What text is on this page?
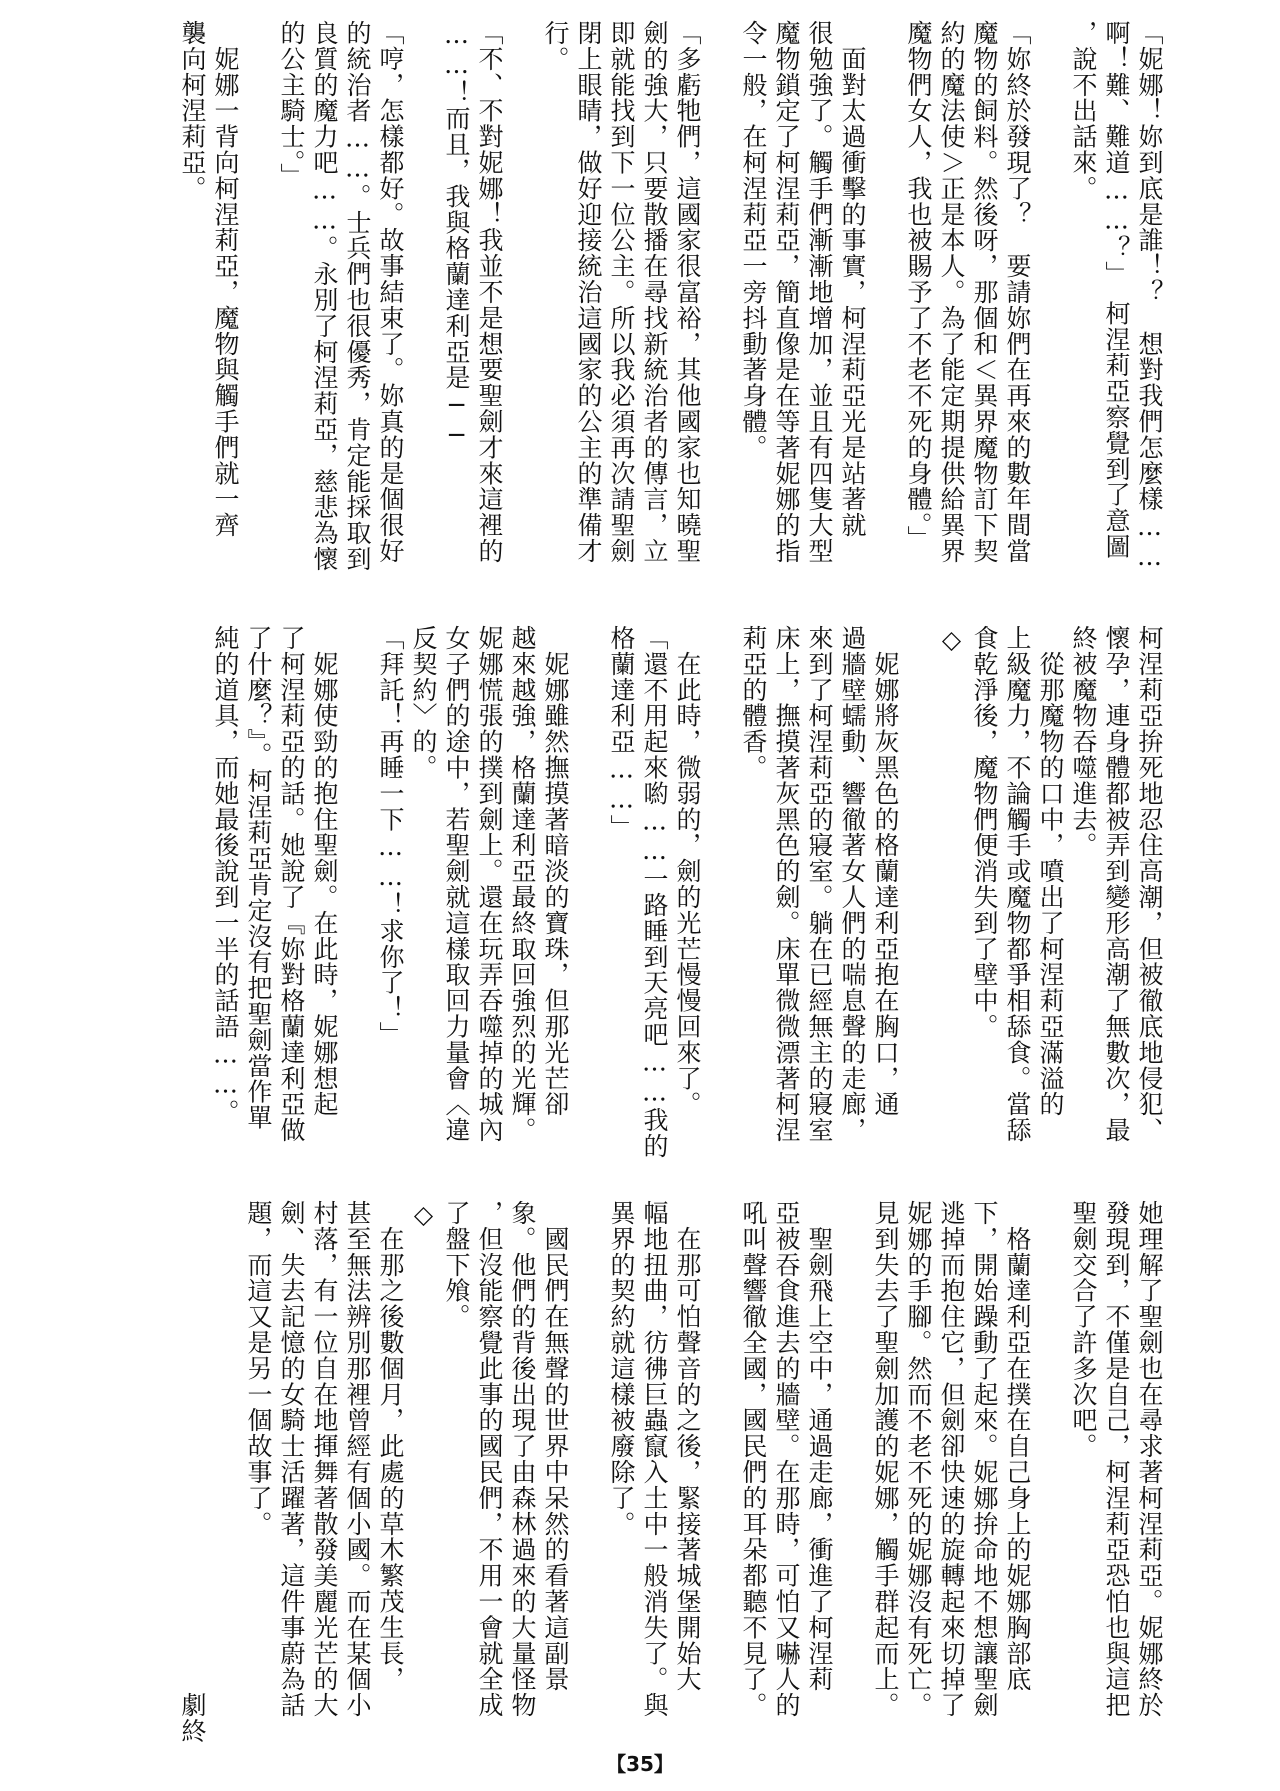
「妮娜！妳到底是誰！？　想對我們怎麼樣……
啊！難、難道……？」　柯涅莉亞察覺到了意圖
，說不出話來。
「妳終於發現了？　要請妳們在再來的數年間當
魔物的飼料。然後呀，那個和＜異界魔物訂下契
約的魔法使＞正是本人。為了能定期提供給異界
魔物們女人，我也被賜予了不老不死的身體。」
　面對太過衝擊的事實，柯涅莉亞光是站著就
很勉強了。觸手們漸漸地增加，並且有四隻大型
魔物鎖定了柯涅莉亞，簡直像是在等著妮娜的指
令一般，在柯涅莉亞一旁抖動著身體。
「多虧牠們，這國家很富裕，其他國家也知曉聖
劍的強大，只要散播在尋找新統治者的傳言，立
即就能找到下一位公主。所以我必須再次請聖劍
閉上眼睛，做好迎接統治這國家的公主的準備才
行。
「不、不對妮娜！我並不是想要聖劍才來這裡的
……！而且，我與格蘭達利亞是──
「哼，怎樣都好。故事結束了。妳真的是個很好
的統治者……。士兵們也很優秀，肯定能採取到
良質的魔力吧……。永別了柯涅莉亞，慈悲為懷
的公主騎士。」
　妮娜一背向柯涅莉亞，魔物與觸手們就一齊
襲向柯涅莉亞。
柯涅莉亞拚死地忍住高潮，但被徹底地侵犯、
懷孕，連身體都被弄到變形高潮了無數次，最
終被魔物吞噬進去。
　從那魔物的口中，噴出了柯涅莉亞滿溢的
上級魔力，不論觸手或魔物都爭相舔食。當舔
食乾淨後，魔物們便消失到了壁中。
◇
　妮娜將灰黑色的格蘭達利亞抱在胸口，通
過牆壁蠕動、響徹著女人們的喘息聲的走廊，
來到了柯涅莉亞的寢室。躺在已經無主的寢室
床上，撫摸著灰黑色的劍。床單微微漂著柯涅
莉亞的體香。
　在此時，微弱的，劍的光芒慢慢回來了。
「還不用起來喲……一路睡到天亮吧……我的
格蘭達利亞……」
　妮娜雖然撫摸著暗淡的寶珠，但那光芒卻
越來越強，格蘭達利亞最終取回強烈的光輝。
妮娜慌張的撲到劍上。還在玩弄吞噬掉的城內
女子們的途中，若聖劍就這樣取回力量會〈違
反契約〉的。
「拜託！再睡一下……！求你了！」
　妮娜使勁的抱住聖劍。在此時，妮娜想起
了柯涅莉亞的話。她說了『妳對格蘭達利亞做
了什麼？』。柯涅莉亞肯定沒有把聖劍當作單
純的道具，而她最後說到一半的話語……。
她理解了聖劍也在尋求著柯涅莉亞。妮娜終於
發現到，不僅是自己，柯涅莉亞恐怕也與這把
聖劍交合了許多次吧。
　格蘭達利亞在撲在自己身上的妮娜胸部底
下，開始躁動了起來。妮娜拚命地不想讓聖劍
逃掉而抱住它，但劍卻快速的旋轉起來切掉了
妮娜的手腳。然而不老不死的妮娜沒有死亡。
見到失去了聖劍加護的妮娜，觸手群起而上。
　聖劍飛上空中，通過走廊，衝進了柯涅莉
亞被吞食進去的牆壁。在那時，可怕又嚇人的
吼叫聲響徹全國，國民們的耳朵都聽不見了。
　在那可怕聲音的之後，緊接著城堡開始大
幅地扭曲，彷彿巨蟲竄入土中一般消失了。與
異界的契約就這樣被廢除了。
　國民們在無聲的世界中呆然的看著這副景
象。他們的背後出現了由森林過來的大量怪物
，但沒能察覺此事的國民們，不用一會就全成
了盤下飧。
◇
　在那之後數個月，此處的草木繁茂生長，
甚至無法辨別那裡曾經有個小國。而在某個小
村落，有一位自在地揮舞著散發美麗光芒的大
劍、失去記憶的女騎士活躍著，這件事蔚為話
題，而這又是另一個故事了。
　　　　　　　　　　　　　　　　　　　劇終
【35】
